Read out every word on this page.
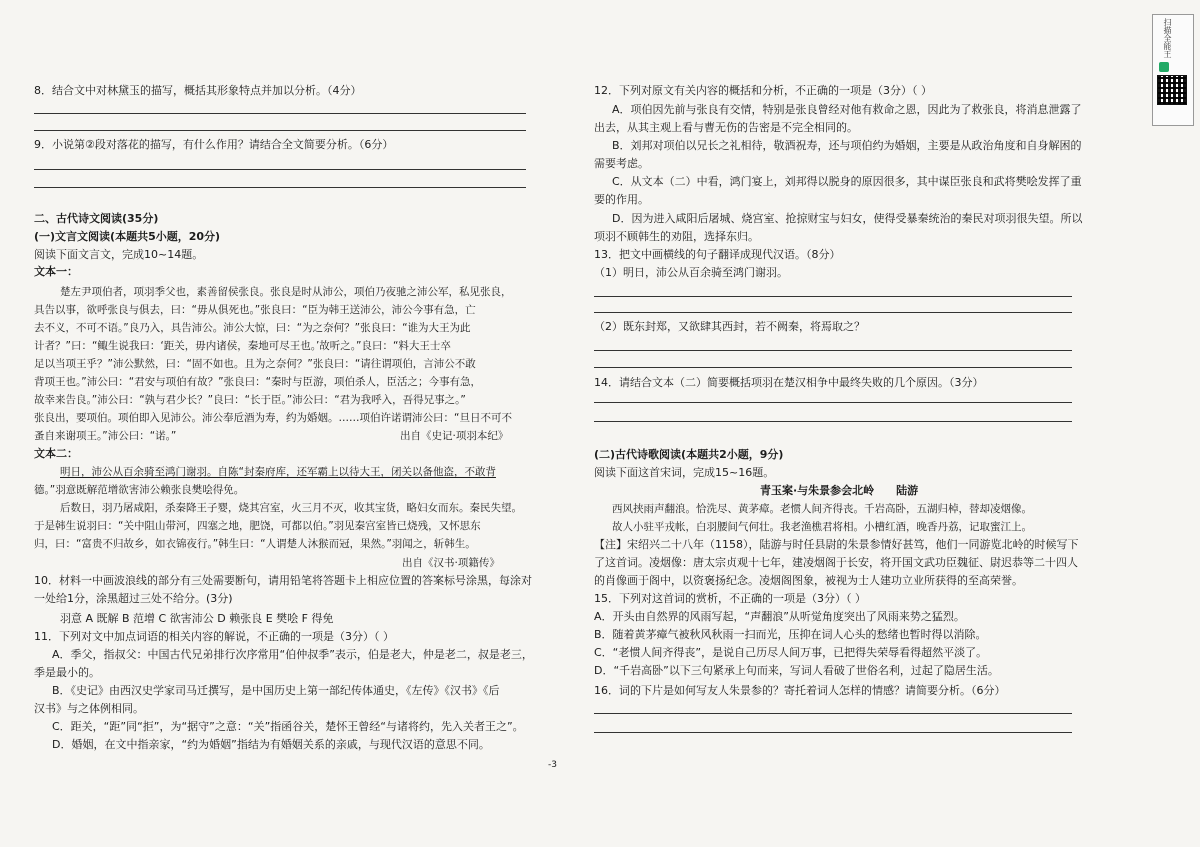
扫描全能王
8．结合文中对林黛玉的描写，概括其形象特点并加以分析。（4分）
9．小说第②段对落花的描写，有什么作用？请结合全文简要分析。（6分）
二、古代诗文阅读(35分)
(一)文言文阅读(本题共5小题，20分)
阅读下面文言文，完成10~14题。
文本一：
楚左尹项伯者，项羽季父也，素善留侯张良。张良是时从沛公，项伯乃夜驰之沛公军，私见张良，
具告以事，欲呼张良与俱去，曰：“毋从俱死也。”张良曰：“臣为韩王送沛公，沛公今事有急，亡
去不义，不可不语。”良乃入，具告沛公。沛公大惊，曰：“为之奈何？”张良曰：“谁为大王为此
计者？”曰：“鲰生说我曰：‘距关，毋内诸侯，秦地可尽王也。’故听之。”良曰：“料大王士卒
足以当项王乎？”沛公默然，曰：“固不如也。且为之奈何？”张良曰：“请往谓项伯，言沛公不敢
背项王也。”沛公曰：“君安与项伯有故？”张良曰：“秦时与臣游，项伯杀人，臣活之；今事有急，
故幸来告良。”沛公曰：“孰与君少长？”良曰：“长于臣。”沛公曰：“君为我呼入，吾得兄事之。”
张良出，要项伯。项伯即入见沛公。沛公奉卮酒为寿，约为婚姻。……项伯许诺谓沛公曰：“旦日不可不
蚤自来谢项王。”沛公曰：“诺。”	出自《史记·项羽本纪》
文本二：
明日，沛公从百余骑至鸿门谢羽。自陈“封秦府库，还军霸上以待大王，闭关以备他盗，不敢背
德。”羽意既解范增欲害沛公赖张良樊哙得免。
后数日，羽乃屠咸阳，杀秦降王子婴，烧其宫室，火三月不灭，收其宝货，略妇女而东。秦民失望。
于是韩生说羽曰：“关中阻山带河，四塞之地，肥饶，可都以伯。”羽见秦宫室皆已烧残，又怀思东
归，曰：“富贵不归故乡，如衣锦夜行。”韩生曰：“人谓楚人沐猴而冠，果然。”羽闻之，斩韩生。
出自《汉书·项籍传》
10．材料一中画波浪线的部分有三处需要断句，请用铅笔将答题卡上相应位置的答案标号涂黑，每涂对
一处给1分，涂黑超过三处不给分。(3分)
羽意 A 既解 B 范增 C 欲害沛公 D 赖张良 E 樊哙 F 得免
11．下列对文中加点词语的相关内容的解说，不正确的一项是（3分）（ ）
A．季父，指叔父：中国古代兄弟排行次序常用“伯仲叔季”表示，伯是老大，仲是老二，叔是老三，
季是最小的。
B．《史记》由西汉史学家司马迁撰写，是中国历史上第一部纪传体通史，《左传》《汉书》《后
汉书》与之体例相同。
C．距关，“距”同“拒”，为“据守”之意：“关”指函谷关，楚怀王曾经“与诸将约，先入关者王之”。
D．婚姻，在文中指亲家，“约为婚姻”指结为有婚姻关系的亲戚，与现代汉语的意思不同。
-3
12．下列对原文有关内容的概括和分析，不正确的一项是（3分）（ ）
A．项伯因先前与张良有交情，特别是张良曾经对他有救命之恩，因此为了救张良，将消息泄露了
出去，从其主观上看与曹无伤的告密是不完全相同的。
B．刘邦对项伯以兄长之礼相待，敬酒祝寿，还与项伯约为婚姻，主要是从政治角度和自身解困的
需要考虑。
C．从文本（二）中看，鸿门宴上，刘邦得以脱身的原因很多，其中谋臣张良和武将樊哙发挥了重
要的作用。
D．因为进入咸阳后屠城、烧宫室、抢掠财宝与妇女，使得受暴秦统治的秦民对项羽很失望。所以
项羽不顾韩生的劝阻，选择东归。
13．把文中画横线的句子翻译成现代汉语。（8分）
（1）明日，沛公从百余骑至鸿门谢羽。
（2）既东封郑，又欲肆其西封，若不阙秦，将焉取之？
14．请结合文本（二）简要概括项羽在楚汉相争中最终失败的几个原因。（3分）
(二)古代诗歌阅读(本题共2小题，9分)
阅读下面这首宋词，完成15~16题。
青玉案·与朱景参会北岭　　陆游
西风挟雨声翻浪。恰洗尽、黄茅瘴。老惯人间齐得丧。千岩高卧，五湖归棹，替却凌烟像。
故人小驻平戎帐，白羽腰间气何壮。我老渔樵君将相。小槽红酒，晚香丹荔，记取蜜江上。
【注】宋绍兴二十八年（1158），陆游与时任县尉的朱景参情好甚笃，他们一同游览北岭的时候写下
了这首词。凌烟像：唐太宗贞观十七年，建凌烟阁于长安，将开国文武功臣魏征、尉迟恭等二十四人
的肖像画于阁中，以资褒扬纪念。凌烟阁图象，被视为士人建功立业所获得的至高荣誉。
15．下列对这首词的赏析，不正确的一项是（3分）（ ）
A．开头由自然界的风雨写起，“声翻浪”从听觉角度突出了风雨来势之猛烈。
B．随着黄茅瘴气被秋风秋雨一扫而光，压抑在词人心头的愁绪也暂时得以消除。
C．“老惯人间齐得丧”，是说自己历尽人间万事，已把得失荣辱看得超然平淡了。
D．“千岩高卧”以下三句紧承上句而来，写词人看破了世俗名利，过起了隐居生活。
16．词的下片是如何写友人朱景参的？寄托着词人怎样的情感？请简要分析。（6分）
